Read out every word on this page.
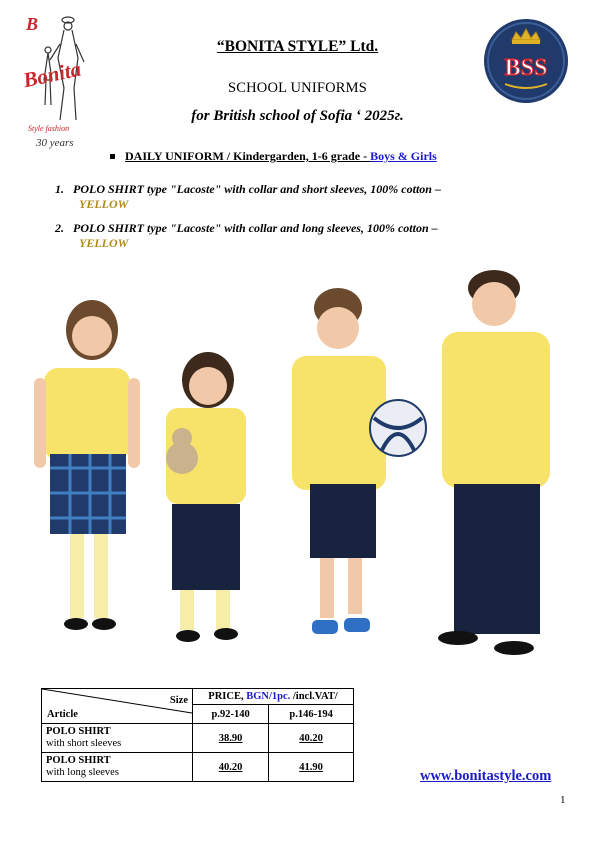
B
Bonita
Style fashion
30 years
BSS
“BONITA STYLE” Ltd.
SCHOOL UNIFORMS
for British school of Sofia ‘ 2025г.
DAILY UNIFORM / Kindergarden, 1-6 grade - Boys & Girls
1. POLO SHIRT type "Lacoste" with collar and short sleeves, 100% cotton –
YELLOW
2. POLO SHIRT type "Lacoste" with collar and long sleeves, 100% cotton –
YELLOW
Size
Article	PRICE, BGN/1pc. /incl.VAT/	
	p.92-140	p.146-194

POLO SHIRT
with short sleeves	38.90	40.20

POLO SHIRT
with long sleeves	40.20	41.90
www.bonitastyle.com
1
